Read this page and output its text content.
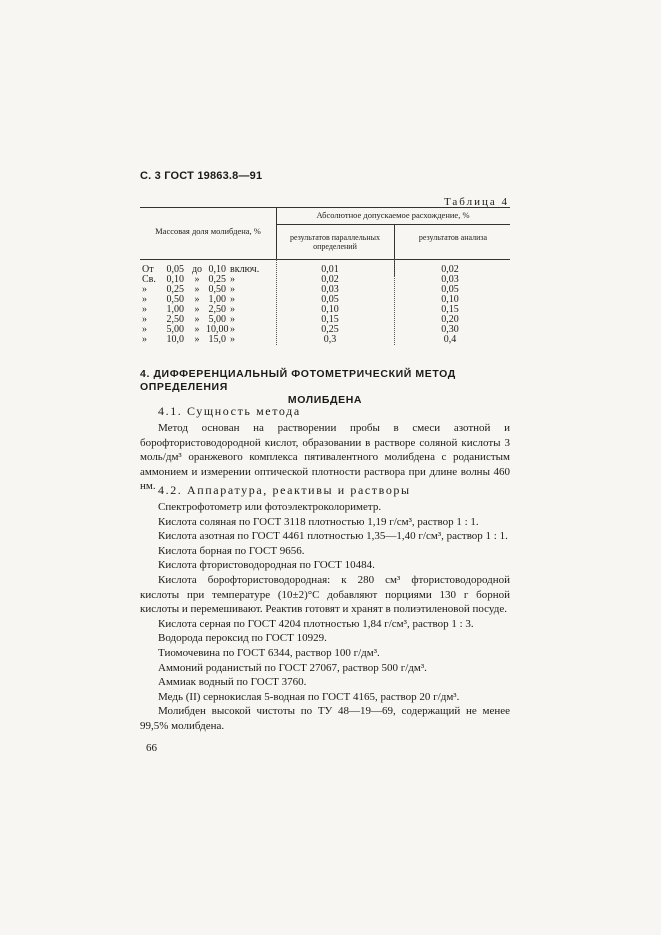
С. 3 ГОСТ 19863.8—91
Таблица 4
Массовая доля молибдена, %
Абсолютное допускаемое расхождение, %
результатов параллельных определений
результатов анализа
От	0,05 до 0,10 включ.	0,01	0,02
Св.	0,10	» 0,25 »	0,02	0,03
»	0,25	» 0,50 »	0,03	0,05
»	0,50	» 1,00 »	0,05	0,10
»	1,00	» 2,50 »	0,10	0,15
»	2,50	» 5,00 »	0,15	0,20
»	5,00	» 10,00 »	0,25	0,30
»	10,0	» 15,0 »	0,3	0,4
4. ДИФФЕРЕНЦИАЛЬНЫЙ ФОТОМЕТРИЧЕСКИЙ МЕТОД ОПРЕДЕЛЕНИЯ
МОЛИБДЕНА
4.1. Сущность метода
Метод основан на растворении пробы в смеси азотной и борофтористоводородной кислот, образовании в растворе соляной кислоты 3 моль/дм³ оранжевого комплекса пятивалентного молибдена с роданистым аммонием и измерении оптической плотности раствора при длине волны 460 нм. 4.2. Аппаратура, реактивы и растворы
Спектрофотометр или фотоэлектроколориметр.
Кислота соляная по ГОСТ 3118 плотностью 1,19 г/см³, раствор 1 : 1.
Кислота азотная по ГОСТ 4461 плотностью 1,35—1,40 г/см³, раствор 1 : 1.
Кислота борная по ГОСТ 9656.
Кислота фтористоводородная по ГОСТ 10484.
Кислота борофтористоводородная: к 280 см³ фтористоводородной кислоты при температуре (10±2)°С добавляют порциями 130 г борной кислоты и перемешивают. Реактив готовят и хранят в полиэтиленовой посуде.
Кислота серная по ГОСТ 4204 плотностью 1,84 г/см³, раствор 1 : 3.
Водорода пероксид по ГОСТ 10929.
Тиомочевина по ГОСТ 6344, раствор 100 г/дм³.
Аммоний роданистый по ГОСТ 27067, раствор 500 г/дм³.
Аммиак водный по ГОСТ 3760.
Медь (II) сернокислая 5-водная по ГОСТ 4165, раствор 20 г/дм³.
Молибден высокой чистоты по ТУ 48—19—69, содержащий не менее 99,5% молибдена.
66
